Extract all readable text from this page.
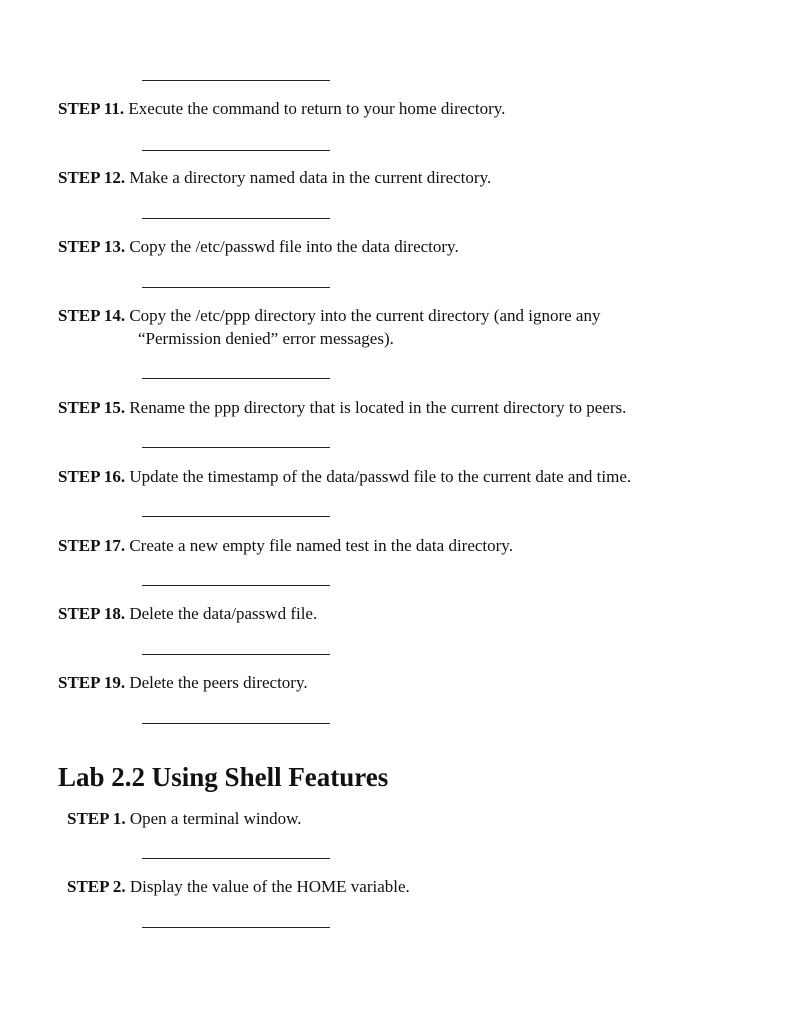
STEP 11. Execute the command to return to your home directory.
STEP 12. Make a directory named data in the current directory.
STEP 13. Copy the /etc/passwd file into the data directory.
STEP 14. Copy the /etc/ppp directory into the current directory (and ignore any
“Permission denied” error messages).
STEP 15. Rename the ppp directory that is located in the current directory to peers.
STEP 16. Update the timestamp of the data/passwd file to the current date and time.
STEP 17. Create a new empty file named test in the data directory.
STEP 18. Delete the data/passwd file.
STEP 19. Delete the peers directory.
Lab 2.2 Using Shell Features
STEP 1. Open a terminal window.
STEP 2. Display the value of the HOME variable.
